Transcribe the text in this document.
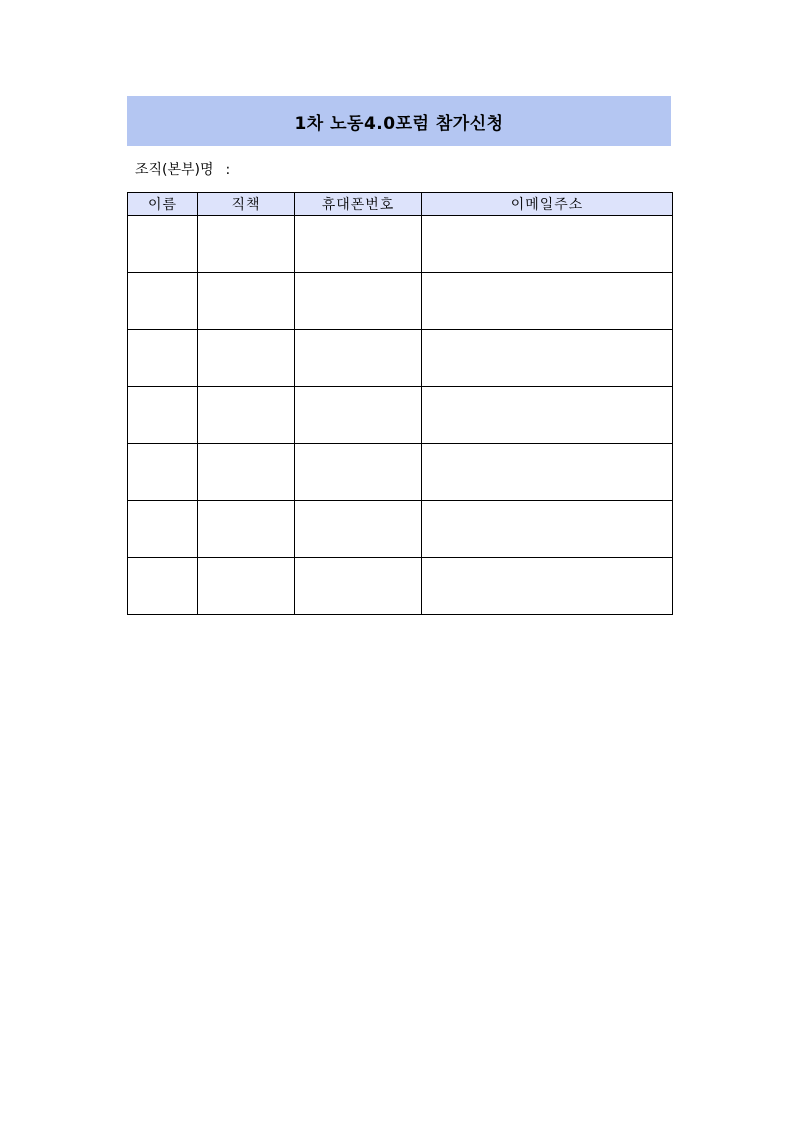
1차 노동4.0포럼 참가신청
조직(본부)명 :
이름	직책	휴대폰번호	이메일주소
